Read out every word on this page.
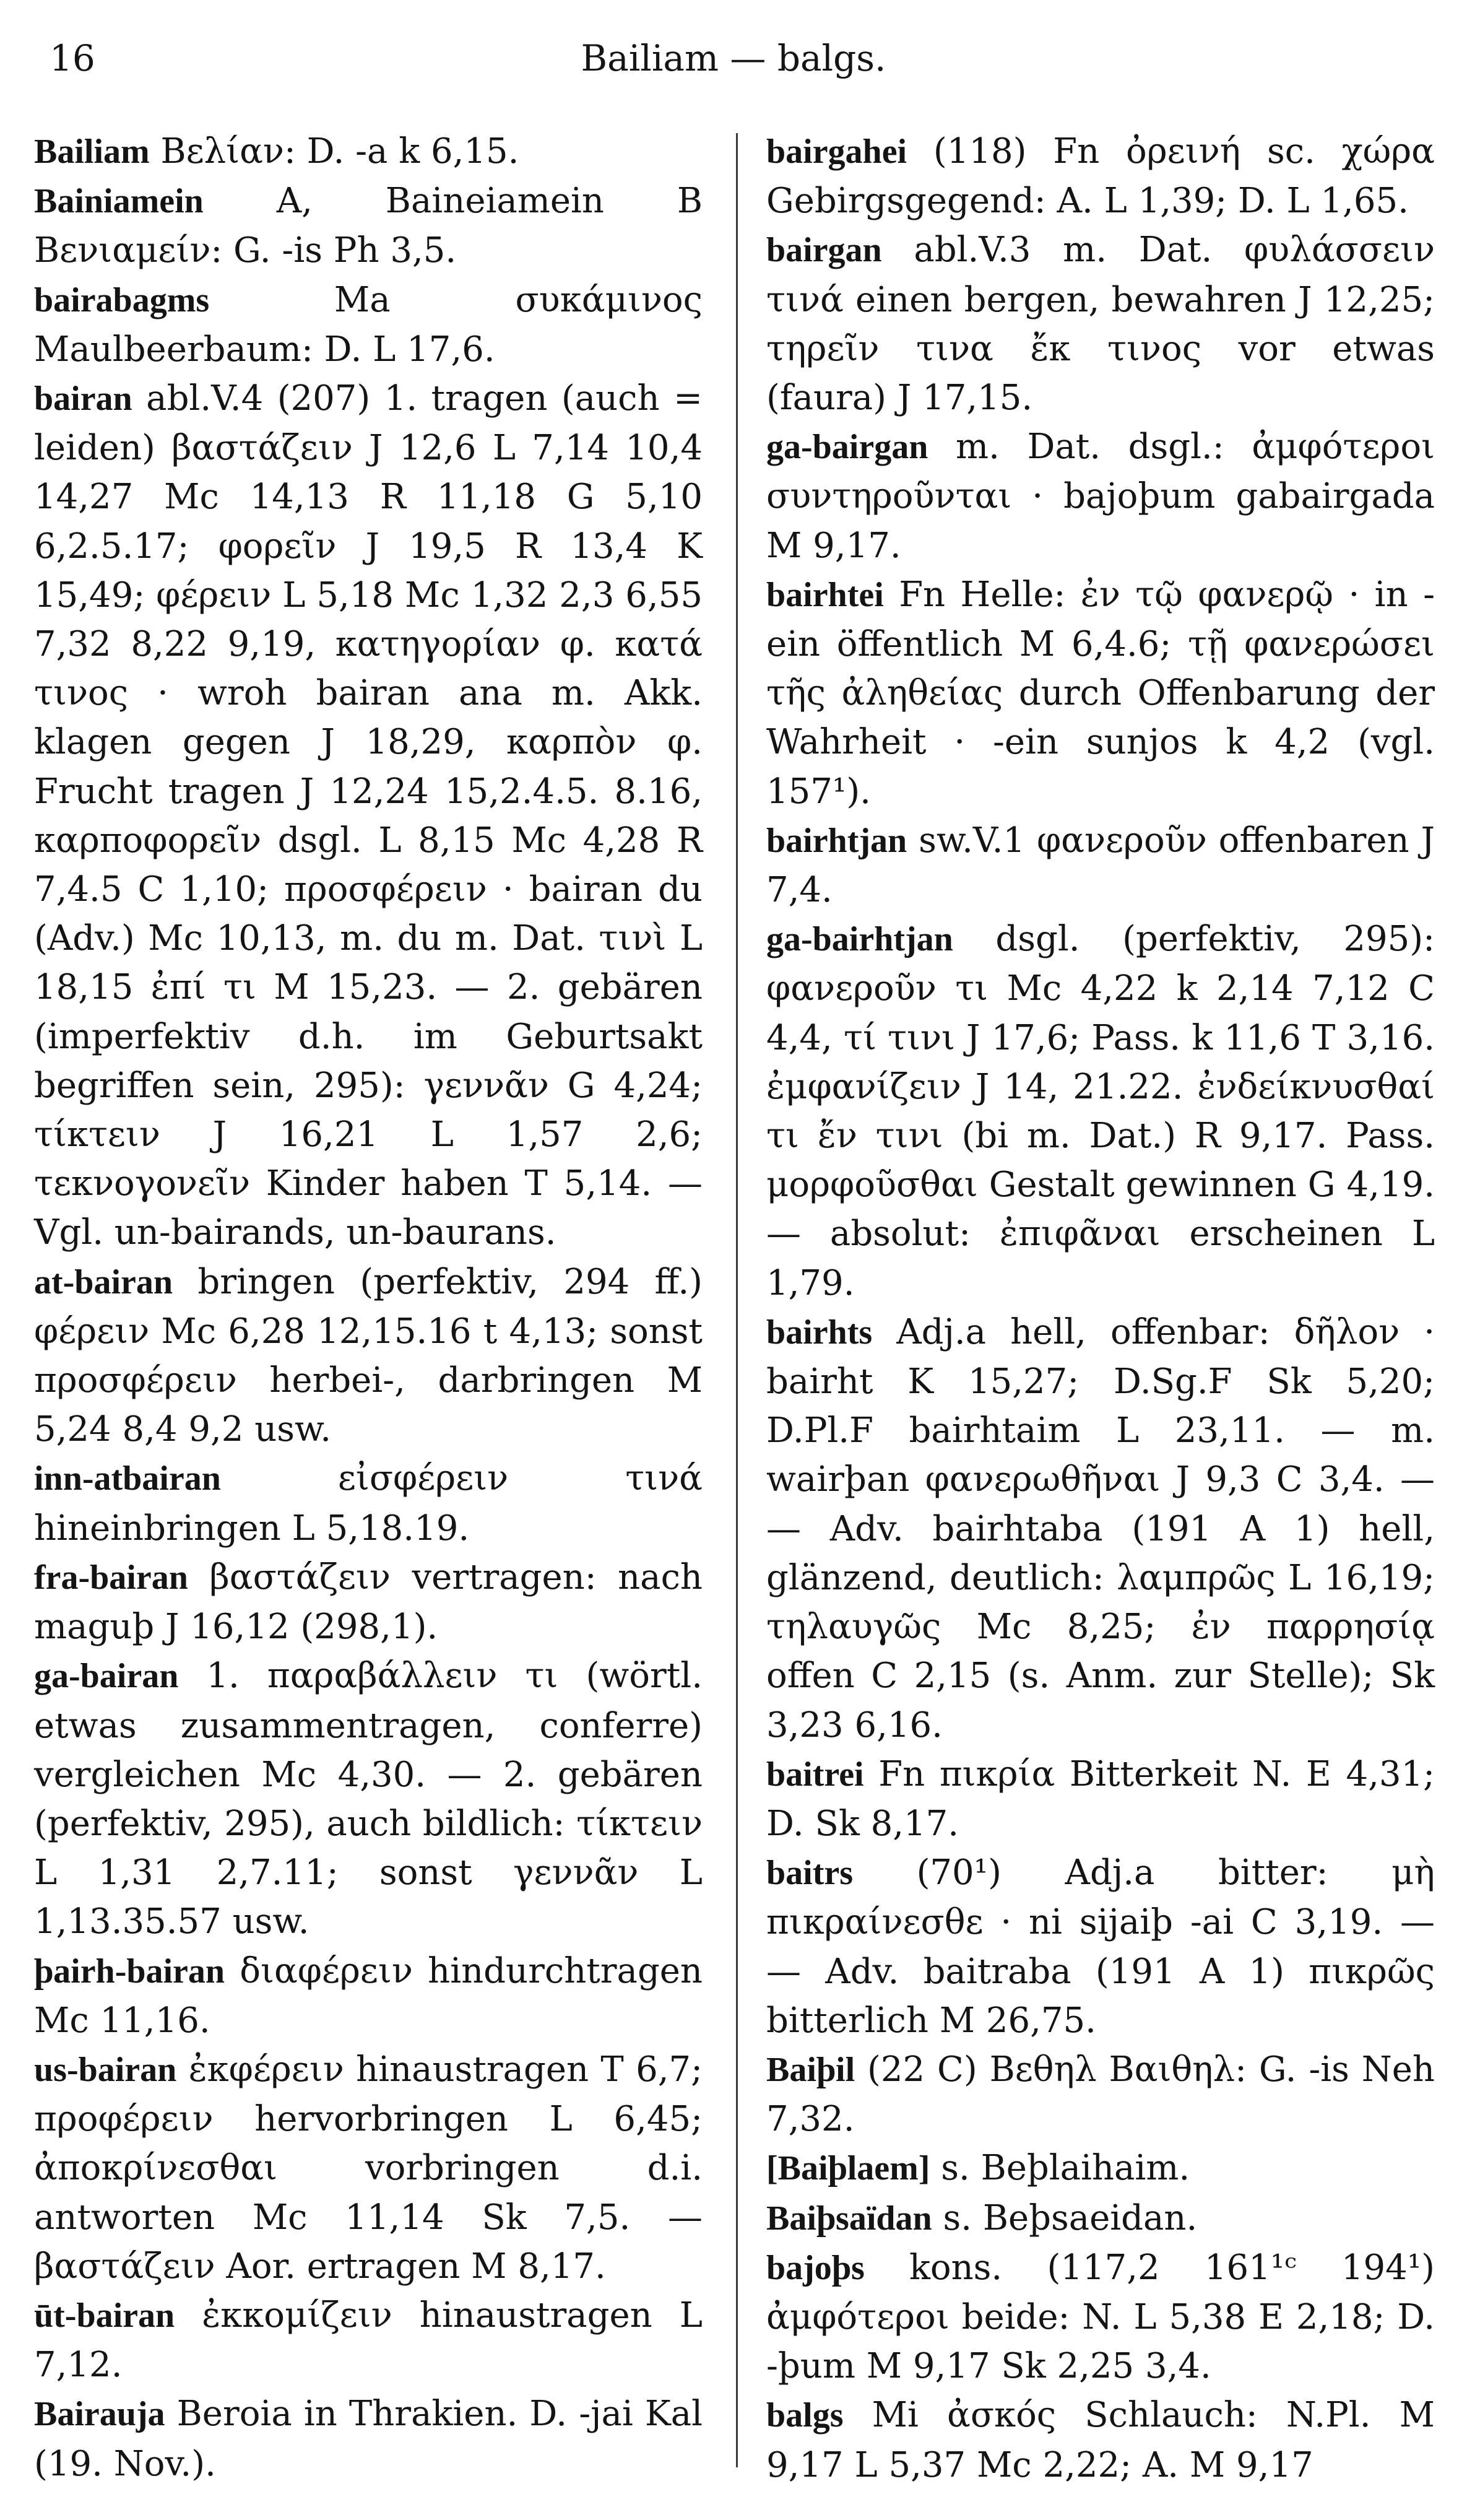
16	Bailiam — balgs.

Bailiam Βελίαν: D. -a k 6,15.

Bainiamein A, Baineiamein B Βενιαμείν: G. -is Ph 3,5.

bairabagms Ma συκάμινος Maulbeerbaum: D. L 17,6.

bairan abl.V.4 (207) 1. tragen (auch = leiden) βαστάζειν J 12,6 L 7,14 10,4 14,27 Mc 14,13 R 11,18 G 5,10 6,2.5.17; φορεῖν J 19,5 R 13,4 K 15,49; φέρειν L 5,18 Mc 1,32 2,3 6,55 7,32 8,22 9,19, κατηγορίαν φ. κατά τινος · wroh bairan ana m. Akk. klagen gegen J 18,29, καρπὸν φ. Frucht tragen J 12,24 15,2.4.5. 8.16, καρποφορεῖν dsgl. L 8,15 Mc 4,28 R 7,4.5 C 1,10; προσφέρειν · bairan du (Adv.) Mc 10,13, m. du m. Dat. τινὶ L 18,15 ἐπί τι M 15,23. — 2. gebären (imperfektiv d.h. im Geburtsakt begriffen sein, 295): γεννᾶν G 4,24; τίκτειν J 16,21 L 1,57 2,6; τεκνογονεῖν Kinder haben T 5,14. — Vgl. un-bairands, un-baurans.

at-bairan bringen (perfektiv, 294 ff.) φέρειν Mc 6,28 12,15.16 t 4,13; sonst προσφέρειν herbei-, darbringen M 5,24 8,4 9,2 usw.

inn-atbairan εἰσφέρειν τινά hineinbringen L 5,18.19.

fra-bairan βαστάζειν vertragen: nach maguþ J 16,12 (298,1).

ga-bairan 1. παραβάλλειν τι (wörtl. etwas zusammentragen, conferre) vergleichen Mc 4,30. — 2. gebären (perfektiv, 295), auch bildlich: τίκτειν L 1,31 2,7.11; sonst γεννᾶν L 1,13.35.57 usw.

þairh-bairan διαφέρειν hindurchtragen Mc 11,16.

us-bairan ἐκφέρειν hinaustragen T 6,7; προφέρειν hervorbringen L 6,45; ἀποκρίνεσθαι vorbringen d.i. antworten Mc 11,14 Sk 7,5. — βαστάζειν Aor. ertragen M 8,17.

ūt-bairan ἐκκομίζειν hinaustragen L 7,12.

Bairauja Beroia in Thrakien. D. -jai Kal (19. Nov.).

bairgahei (118) Fn ὀρεινή sc. χώρα Gebirgsgegend: A. L 1,39; D. L 1,65.

bairgan abl.V.3 m. Dat. φυλάσσειν τινά einen bergen, bewahren J 12,25; τηρεῖν τινα ἔκ τινος vor etwas (faura) J 17,15.

ga-bairgan m. Dat. dsgl.: ἀμφότεροι συντηροῦνται · bajoþum gabairgada M 9,17.

bairhtei Fn Helle: ἐν τῷ φανερῷ · in -ein öffentlich M 6,4.6; τῇ φανερώσει τῆς ἀληθείας durch Offenbarung der Wahrheit · -ein sunjos k 4,2 (vgl. 157¹).

bairhtjan sw.V.1 φανεροῦν offenbaren J 7,4.

ga-bairhtjan dsgl. (perfektiv, 295): φανεροῦν τι Mc 4,22 k 2,14 7,12 C 4,4, τί τινι J 17,6; Pass. k 11,6 T 3,16. ἐμφανίζειν J 14, 21.22. ἐνδείκνυσθαί τι ἔν τινι (bi m. Dat.) R 9,17. Pass. μορφοῦσθαι Gestalt gewinnen G 4,19. — absolut: ἐπιφᾶναι erscheinen L 1,79.

bairhts Adj.a hell, offenbar: δῆλον · bairht K 15,27; D.Sg.F Sk 5,20; D.Pl.F bairhtaim L 23,11. — m. wairþan φανερωθῆναι J 9,3 C 3,4. — — Adv. bairhtaba (191 A 1) hell, glänzend, deutlich: λαμπρῶς L 16,19; τηλαυγῶς Mc 8,25; ἐν παρρησίᾳ offen C 2,15 (s. Anm. zur Stelle); Sk 3,23 6,16.

baitrei Fn πικρία Bitterkeit N. E 4,31; D. Sk 8,17.

baitrs (70¹) Adj.a bitter: μὴ πικραίνεσθε · ni sijaiþ -ai C 3,19. — — Adv. baitraba (191 A 1) πικρῶς bitterlich M 26,75.

Baiþil (22 C) Βεθηλ Βαιθηλ: G. -is Neh 7,32.

[Baiþlaem] s. Beþlaihaim.

Baiþsaïdan s. Beþsaeidan.

bajoþs kons. (117,2 161¹ᶜ 194¹) ἀμφότεροι beide: N. L 5,38 E 2,18; D. -þum M 9,17 Sk 2,25 3,4.

balgs Mi ἀσκός Schlauch: N.Pl. M 9,17 L 5,37 Mc 2,22; A. M 9,17
